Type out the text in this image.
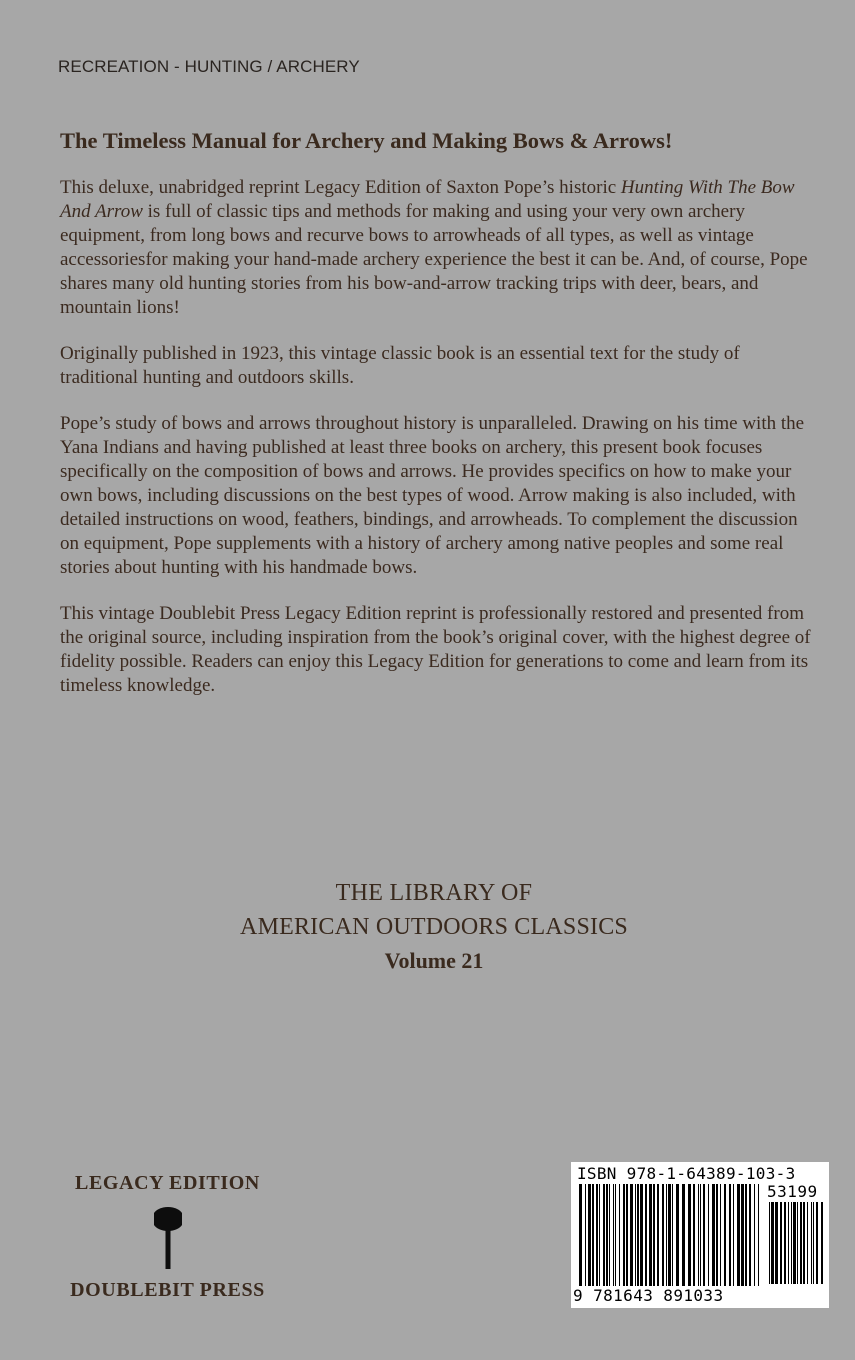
RECREATION - HUNTING / ARCHERY
The Timeless Manual for Archery and Making Bows & Arrows!

This deluxe, unabridged reprint Legacy Edition of Saxton Pope’s historic Hunting With The Bow And Arrow is full of classic tips and methods for making and using your very own archery equipment, from long bows and recurve bows to arrowheads of all types, as well as vintage accessoriesfor making your hand-made archery experience the best it can be. And, of course, Pope shares many old hunting stories from his bow-and-arrow tracking trips with deer, bears, and mountain lions!

Originally published in 1923, this vintage classic book is an essential text for the study of traditional hunting and outdoors skills.

Pope’s study of bows and arrows throughout history is unparalleled. Drawing on his time with the Yana Indians and having published at least three books on archery, this present book focuses specifically on the composition of bows and arrows. He provides specifics on how to make your own bows, including discussions on the best types of wood. Arrow making is also included, with detailed instructions on wood, feathers, bindings, and arrowheads. To complement the discussion on equipment, Pope supplements with a history of archery among native peoples and some real stories about hunting with his handmade bows.

This vintage Doublebit Press Legacy Edition reprint is professionally restored and presented from the original source, including inspiration from the book’s original cover, with the highest degree of fidelity possible. Readers can enjoy this Legacy Edition for generations to come and learn from its timeless knowledge.

THE LIBRARY OF
AMERICAN OUTDOORS CLASSICS
Volume 21
LEGACY EDITION
DOUBLEBIT PRESS
ISBN 978-1-64389-103-3
53199
9 781643 891033
